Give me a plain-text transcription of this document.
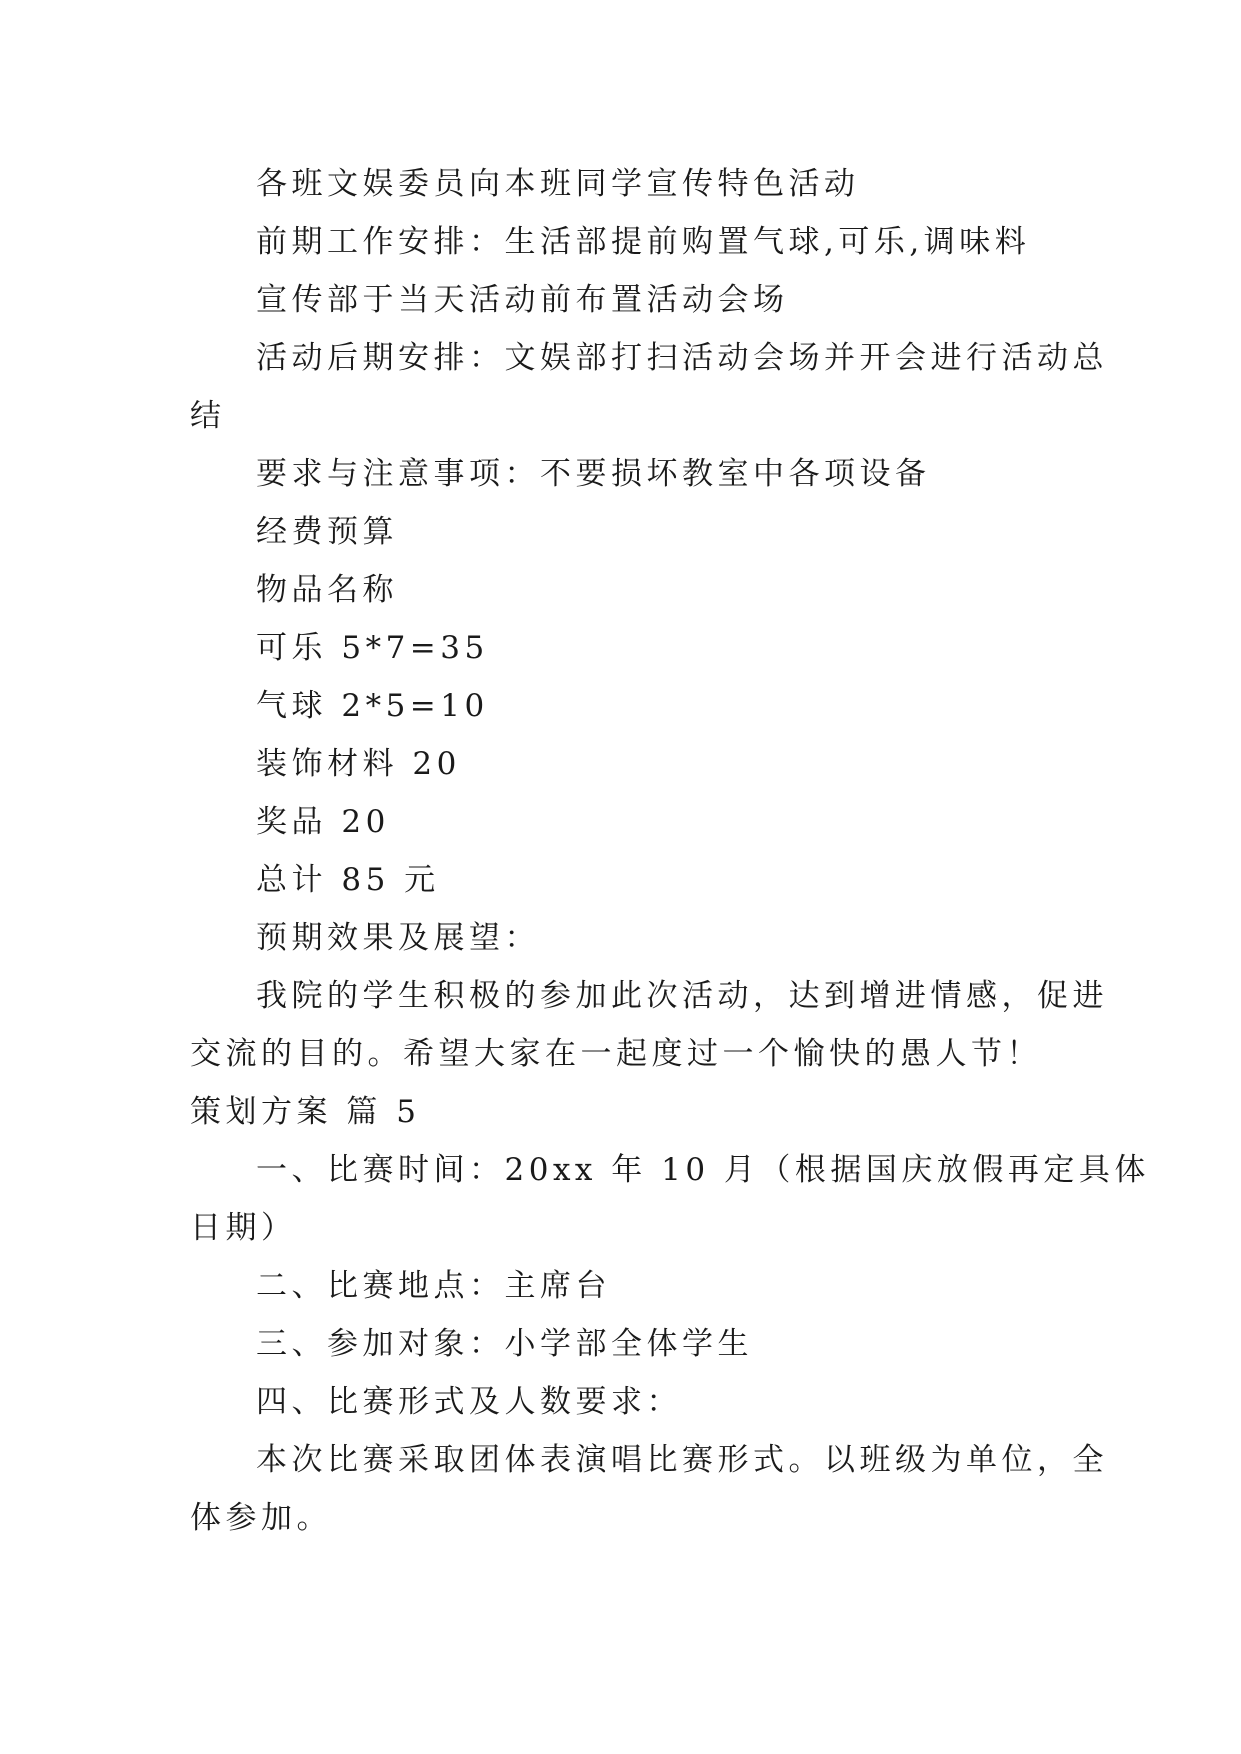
各班文娱委员向本班同学宣传特色活动
前期工作安排：生活部提前购置气球,可乐,调味料
宣传部于当天活动前布置活动会场
活动后期安排：文娱部打扫活动会场并开会进行活动总
结
要求与注意事项：不要损坏教室中各项设备
经费预算
物品名称
可乐 5*7=35
气球 2*5=10
装饰材料 20
奖品 20
总计 85 元
预期效果及展望：
我院的学生积极的参加此次活动，达到增进情感，促进
交流的目的。希望大家在一起度过一个愉快的愚人节！
策划方案 篇 5
一、比赛时间：20xx 年 10 月（根据国庆放假再定具体
日期）
二、比赛地点：主席台
三、参加对象：小学部全体学生
四、比赛形式及人数要求：
本次比赛采取团体表演唱比赛形式。以班级为单位，全
体参加。
